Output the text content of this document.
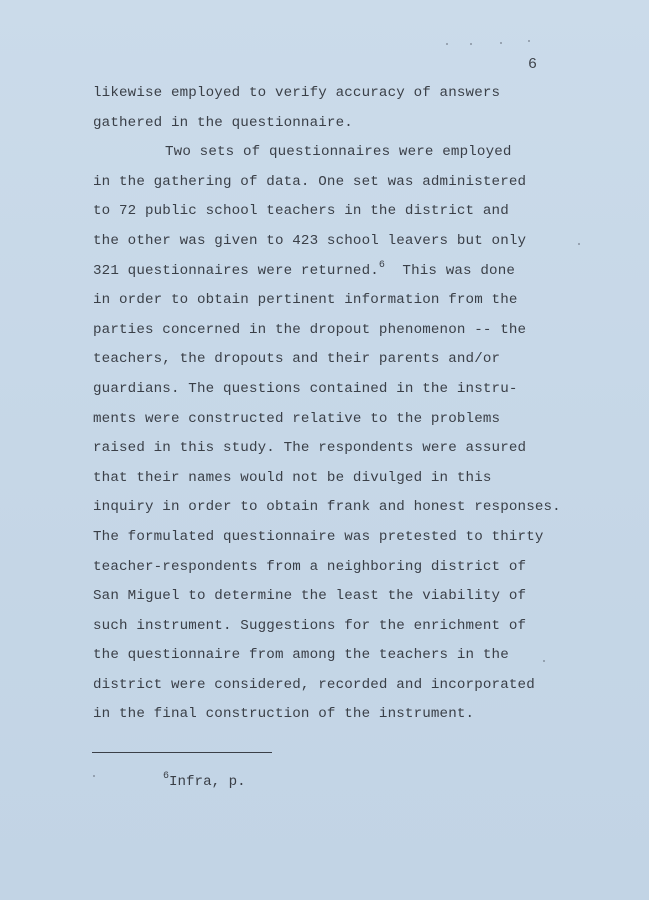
6
likewise employed to verify accuracy of answers
gathered in the questionnaire.
Two sets of questionnaires were employed
in the gathering of data. One set was administered
to 72 public school teachers in the district and
the other was given to 423 school leavers but only
321 questionnaires were returned.$^6$  This was done
in order to obtain pertinent information from the
parties concerned in the dropout phenomenon -- the
teachers, the dropouts and their parents and/or
guardians. The questions contained in the instru-
ments were constructed relative to the problems
raised in this study. The respondents were assured
that their names would not be divulged in this
inquiry in order to obtain frank and honest responses.
The formulated questionnaire was pretested to thirty
teacher-respondents from a neighboring district of
San Miguel to determine the least the viability of
such instrument. Suggestions for the enrichment of
the questionnaire from among the teachers in the
district were considered, recorded and incorporated
in the final construction of the instrument.
$^6$Infra, p.
